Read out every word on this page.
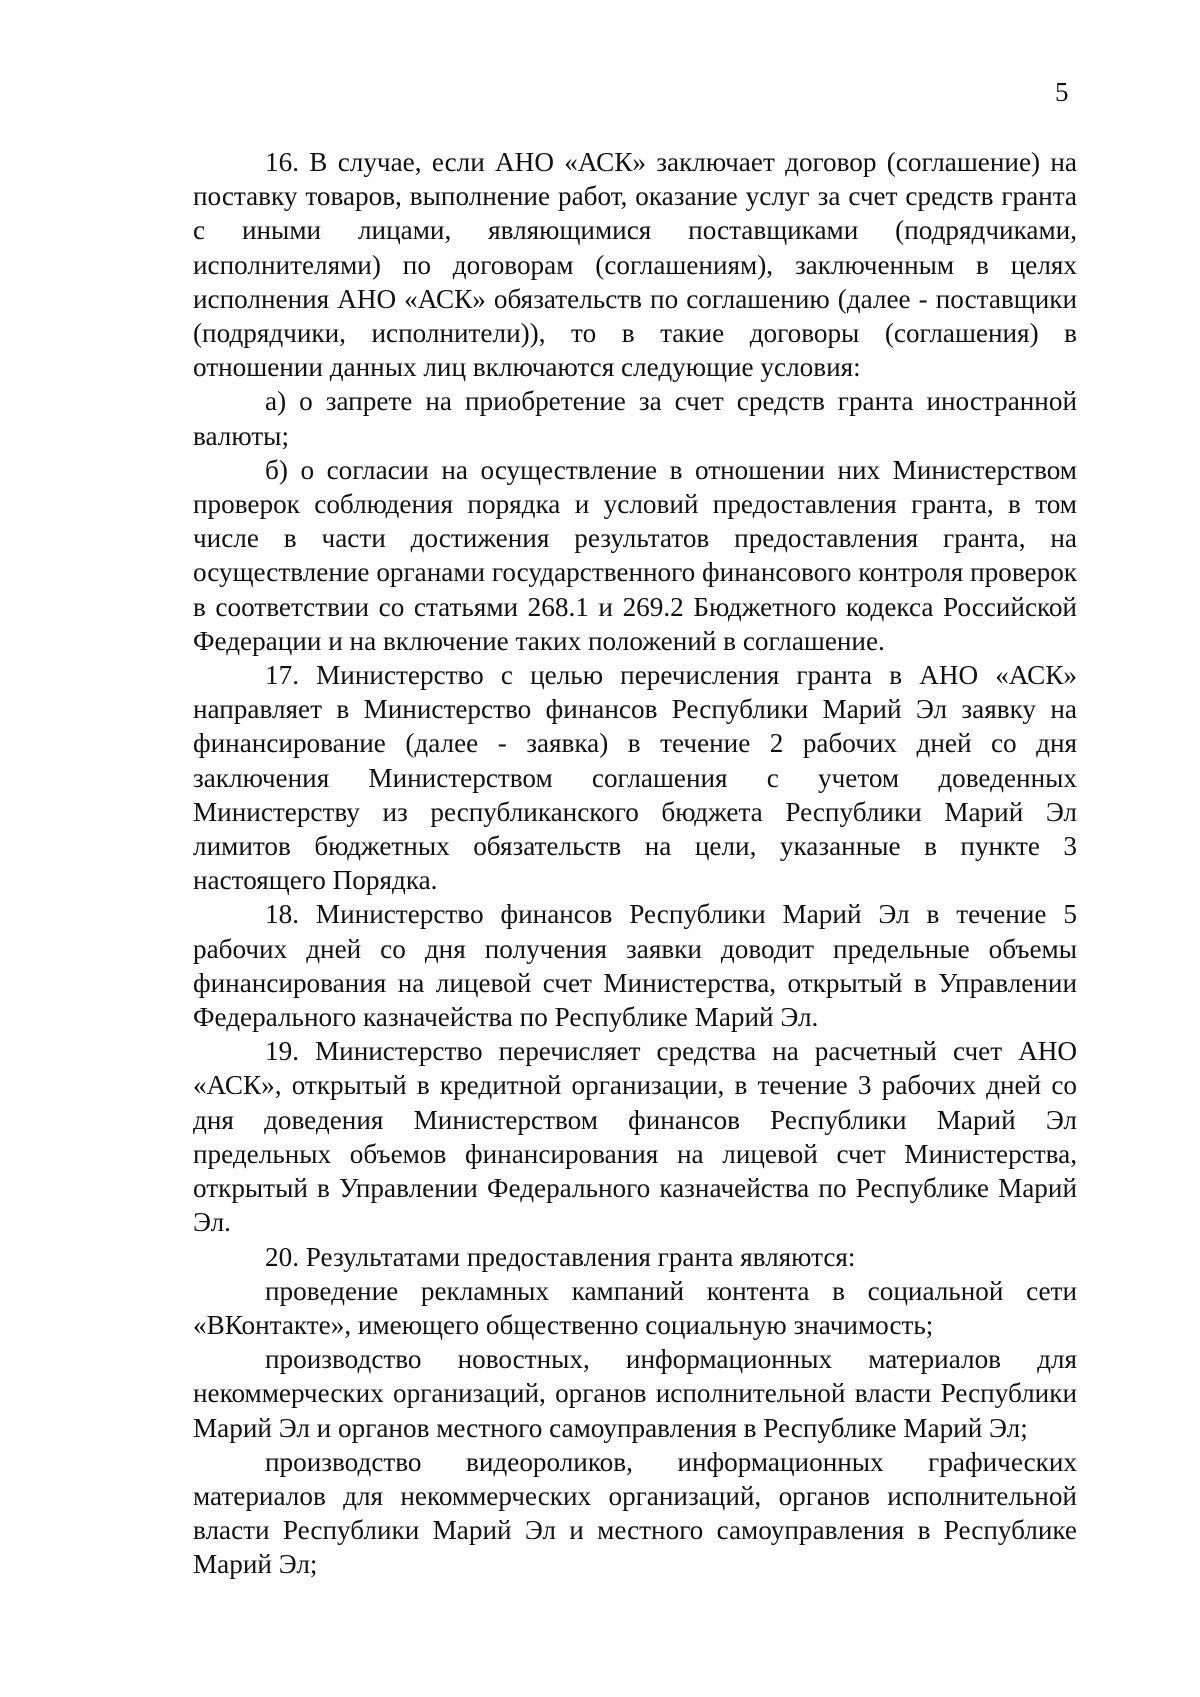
5

16. В случае, если АНО «АСК» заключает договор (соглашение) на поставку товаров, выполнение работ, оказание услуг за счет средств гранта с иными лицами, являющимися поставщиками (подрядчиками, исполнителями) по договорам (соглашениям), заключенным в целях исполнения АНО «АСК» обязательств по соглашению (далее - поставщики (подрядчики, исполнители)), то в такие договоры (соглашения) в отношении данных лиц включаются следующие условия:

а) о запрете на приобретение за счет средств гранта иностранной валюты;

б) о согласии на осуществление в отношении них Министерством проверок соблюдения порядка и условий предоставления гранта, в том числе в части достижения результатов предоставления гранта, на осуществление органами государственного финансового контроля проверок в соответствии со статьями 268.1 и 269.2 Бюджетного кодекса Российской Федерации и на включение таких положений в соглашение.

17. Министерство с целью перечисления гранта в АНО «АСК» направляет в Министерство финансов Республики Марий Эл заявку на финансирование (далее - заявка) в течение 2 рабочих дней со дня заключения Министерством соглашения с учетом доведенных Министерству из республиканского бюджета Республики Марий Эл лимитов бюджетных обязательств на цели, указанные в пункте 3 настоящего Порядка.

18. Министерство финансов Республики Марий Эл в течение 5 рабочих дней со дня получения заявки доводит предельные объемы финансирования на лицевой счет Министерства, открытый в Управлении Федерального казначейства по Республике Марий Эл.

19. Министерство перечисляет средства на расчетный счет АНО «АСК», открытый в кредитной организации, в течение 3 рабочих дней со дня доведения Министерством финансов Республики Марий Эл предельных объемов финансирования на лицевой счет Министерства, открытый в Управлении Федерального казначейства по Республике Марий Эл.

20. Результатами предоставления гранта являются:

проведение рекламных кампаний контента в социальной сети «ВКонтакте», имеющего общественно социальную значимость;

производство новостных, информационных материалов для некоммерческих организаций, органов исполнительной власти Республики Марий Эл и органов местного самоуправления в Республике Марий Эл;

производство видеороликов, информационных графических материалов для некоммерческих организаций, органов исполнительной власти Республики Марий Эл и местного самоуправления в Республике Марий Эл;
